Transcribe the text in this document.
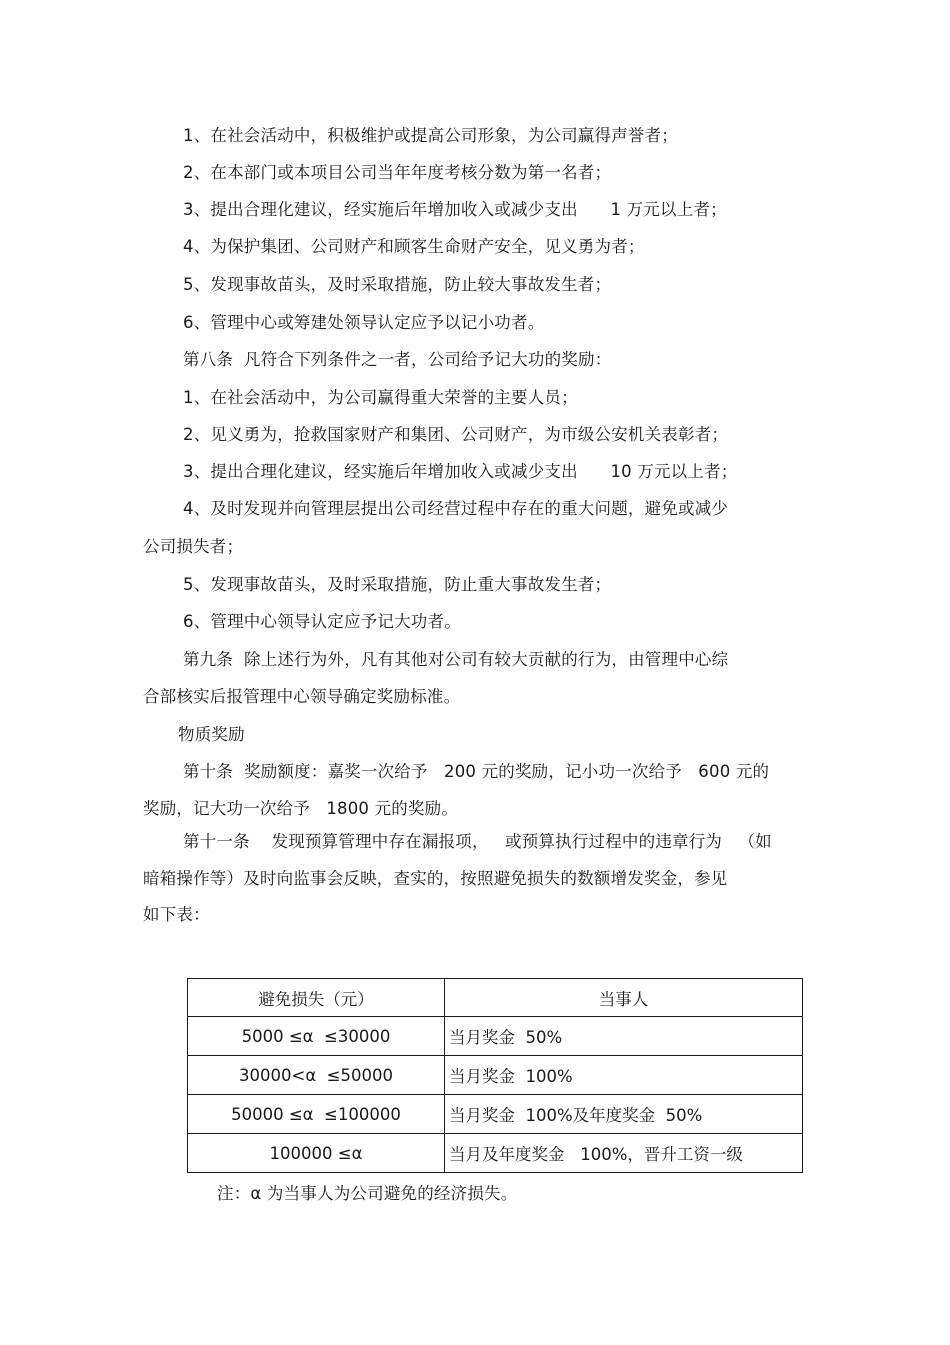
1、在社会活动中，积极维护或提高公司形象，为公司赢得声誉者；
2、在本部门或本项目公司当年年度考核分数为第一名者；
3、提出合理化建议，经实施后年增加收入或减少支出      1 万元以上者；
4、为保护集团、公司财产和顾客生命财产安全，见义勇为者；
5、发现事故苗头，及时采取措施，防止较大事故发生者；
6、管理中心或筹建处领导认定应予以记小功者。
第八条  凡符合下列条件之一者，公司给予记大功的奖励：
1、在社会活动中，为公司赢得重大荣誉的主要人员；
2、见义勇为，抢救国家财产和集团、公司财产，为市级公安机关表彰者；
3、提出合理化建议，经实施后年增加收入或减少支出      10 万元以上者；
4、及时发现并向管理层提出公司经营过程中存在的重大问题，避免或减少
公司损失者；
5、发现事故苗头，及时采取措施，防止重大事故发生者；
6、管理中心领导认定应予记大功者。
第九条  除上述行为外，凡有其他对公司有较大贡献的行为，由管理中心综
合部核实后报管理中心领导确定奖励标准。
物质奖励
第十条  奖励额度：嘉奖一次给予   200 元的奖励，记小功一次给予   600 元的
奖励，记大功一次给予   1800 元的奖励。
第十一条    发现预算管理中存在漏报项，   或预算执行过程中的违章行为   （如
暗箱操作等）及时向监事会反映，查实的，按照避免损失的数额增发奖金，参见
如下表：
避免损失（元）	当事人
5000 ≤α  ≤30000	当月奖金  50%
30000<α  ≤50000	当月奖金  100%
50000 ≤α  ≤100000	当月奖金  100%及年度奖金  50%
100000 ≤α	当月及年度奖金   100%，晋升工资一级
注：α 为当事人为公司避免的经济损失。
